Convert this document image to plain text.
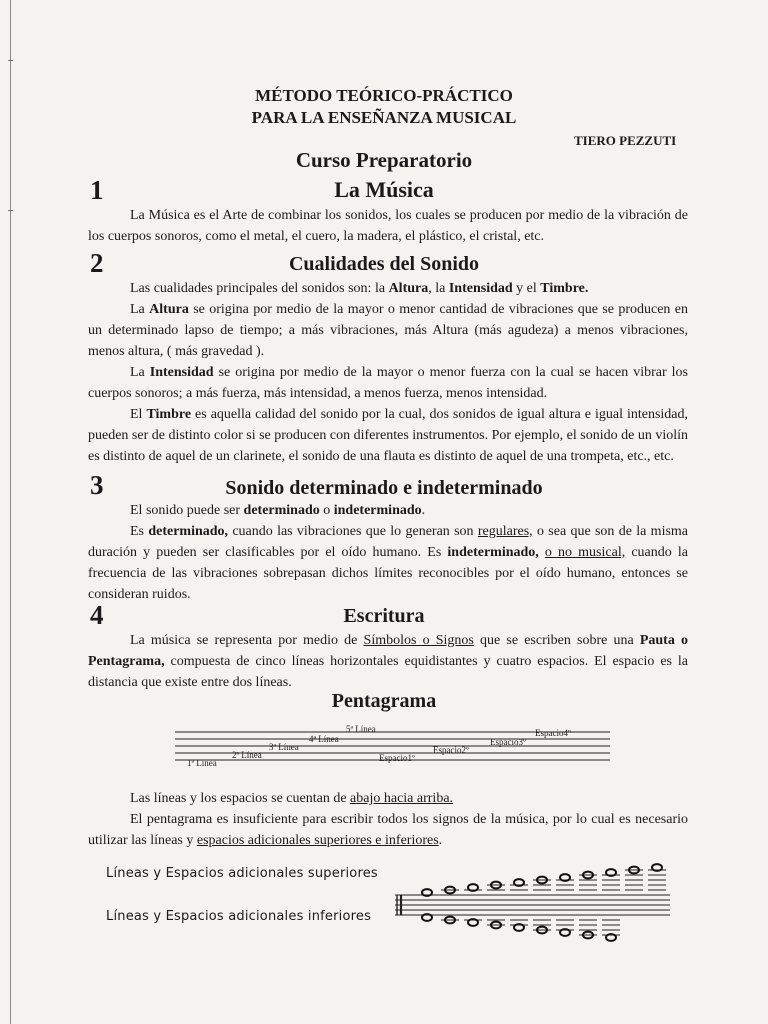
MÉTODO TEÓRICO-PRÁCTICO
PARA LA ENSEÑANZA MUSICAL
TIERO PEZZUTI
Curso Preparatorio
1	La Música

La Música es el Arte de combinar los sonidos, los cuales se producen por medio de la vibración de los cuerpos sonoros, como el metal, el cuero, la madera, el plástico, el cristal, etc.

2	Cualidades del Sonido

Las cualidades principales del sonidos son: la Altura, la Intensidad y el Timbre.

La Altura se origina por medio de la mayor o menor cantidad de vibraciones que se producen en un determinado lapso de tiempo; a más vibraciones, más Altura (más agudeza) a menos vibraciones, menos altura, ( más gravedad ).

La Intensidad se origina por medio de la mayor o menor fuerza con la cual se hacen vibrar los cuerpos sonoros; a más fuerza, más intensidad, a menos fuerza, menos intensidad.

El Timbre es aquella calidad del sonido por la cual, dos sonidos de igual altura e igual intensidad, pueden ser de distinto color si se producen con diferentes instrumentos. Por ejemplo, el sonido de un violín es distinto de aquel de un clarinete, el sonido de una flauta es distinto de aquel de una trompeta, etc., etc.

3	Sonido determinado e indeterminado

El sonido puede ser determinado o indeterminado.

Es determinado, cuando las vibraciones que lo generan son regulares, o sea que son de la misma duración y pueden ser clasificables por el oído humano. Es indeterminado, o no musical, cuando la frecuencia de las vibraciones sobrepasan dichos límites reconocibles por el oído humano, entonces se consideran ruidos.

4	Escritura

La música se representa por medio de Símbolos o Signos que se escriben sobre una Pauta o Pentagrama, compuesta de cinco líneas horizontales equidistantes y cuatro espacios. El espacio es la distancia que existe entre dos líneas.

Pentagrama
1ª Línea
2ª Línea
3ª Línea
4ª Línea
5ª Línea
Espacio1º
Espacio2º
Espacio3º
Espacio4º

Las líneas y los espacios se cuentan de abajo hacia arriba.

El pentagrama es insuficiente para escribir todos los signos de la música, por lo cual es necesario utilizar las líneas y espacios adicionales superiores e inferiores.

Líneas y Espacios adicionales superiores
Líneas y Espacios adicionales inferiores
